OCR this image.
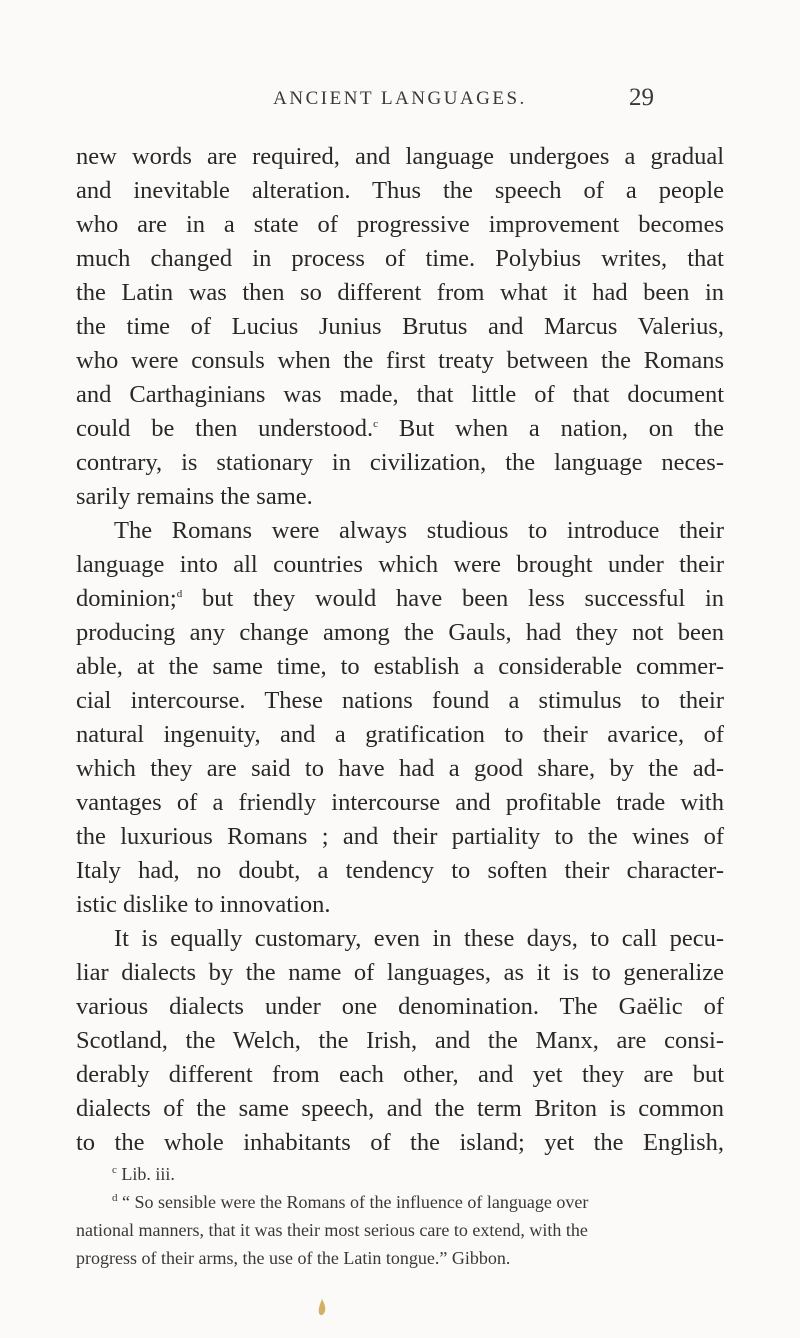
ANCIENT LANGUAGES.	29
new words are required, and language undergoes a gradual
and inevitable alteration. Thus the speech of a people
who are in a state of progressive improvement becomes
much changed in process of time. Polybius writes, that
the Latin was then so different from what it had been in
the time of Lucius Junius Brutus and Marcus Valerius,
who were consuls when the first treaty between the Romans
and Carthaginians was made, that little of that document
could be then understood.$^c$ But when a nation, on the
contrary, is stationary in civilization, the language neces-
sarily remains the same.
The Romans were always studious to introduce their
language into all countries which were brought under their
dominion;$^d$ but they would have been less successful in
producing any change among the Gauls, had they not been
able, at the same time, to establish a considerable commer-
cial intercourse. These nations found a stimulus to their
natural ingenuity, and a gratification to their avarice, of
which they are said to have had a good share, by the ad-
vantages of a friendly intercourse and profitable trade with
the luxurious Romans ; and their partiality to the wines of
Italy had, no doubt, a tendency to soften their character-
istic dislike to innovation.
It is equally customary, even in these days, to call pecu-
liar dialects by the name of languages, as it is to generalize
various dialects under one denomination. The Gaëlic of
Scotland, the Welch, the Irish, and the Manx, are consi-
derably different from each other, and yet they are but
dialects of the same speech, and the term Briton is common
to the whole inhabitants of the island; yet the English,
$^c$ Lib. iii.
$^d$ “ So sensible were the Romans of the influence of language over
national manners, that it was their most serious care to extend, with the
progress of their arms, the use of the Latin tongue.” Gibbon.
